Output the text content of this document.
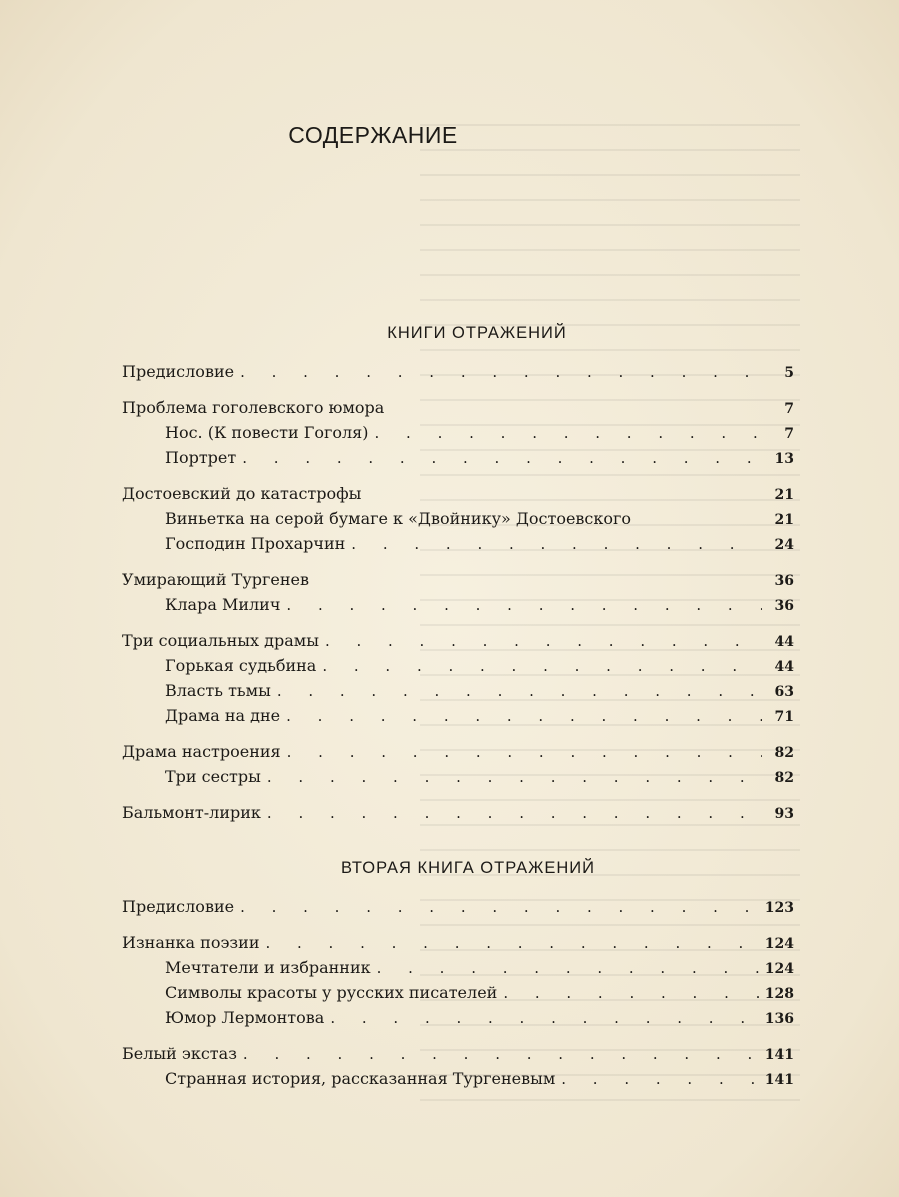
СОДЕРЖАНИЕ
КНИГИ ОТРАЖЕНИЙ
Предисловие . . .	5
Проблема гоголевского юмора	7
Нос. (К повести Гоголя) . . .	7
Портрет . . .	13
Достоевский до катастрофы	21
Виньетка на серой бумаге к «Двойнику» Достоевского	21
Господин Прохарчин . . .	24
Умирающий Тургенев	36
Клара Милич . . .	36
Три социальных драмы . . .	44
Горькая судьбина . . .	44
Власть тьмы . . .	63
Драма на дне . . .	71
Драма настроения . . .	82
Три сестры . . .	82
Бальмонт-лирик . . .	93
ВТОРАЯ КНИГА ОТРАЖЕНИЙ
Предисловие . . .	123
Изнанка поэзии . . .	124
Мечтатели и избранник . . .	124
Символы красоты у русских писателей . . .	128
Юмор Лермонтова . . .	136
Белый экстаз . . .	141
Странная история, рассказанная Тургеневым . . .	141
